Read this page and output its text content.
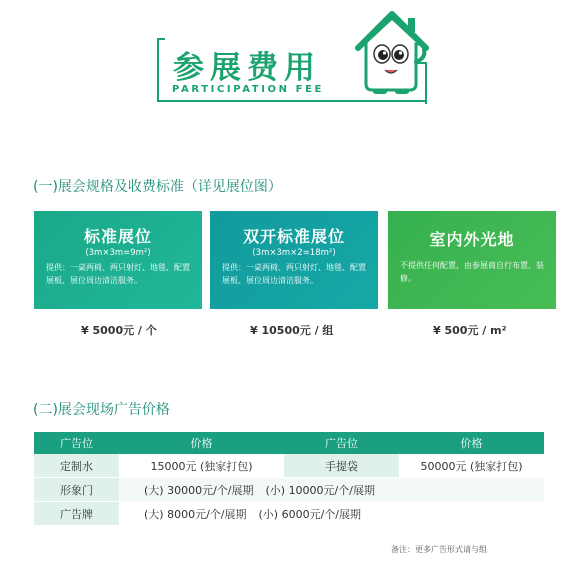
参展费用
PARTICIPATION FEE
(一)展会规格及收费标准（详见展位图）
标准展位
(3m×3m=9m²)
提供：一桌两椅、两只射灯、地毯、配置展板、展位周边清洁服务。
双开标准展位
(3m×3m×2=18m²)
提供：一桌两椅、两只射灯、地毯、配置展板、展位周边清洁服务。
室内外光地
不提供任何配置，由参展商自行布置、装修。
¥ 5000元 / 个	¥ 10500元 / 组	¥ 500元 / m²
(二)展会现场广告价格
广告位	价格	广告位	价格
定制水	15000元 (独家打包)	手提袋	50000元 (独家打包)
形象门	(大) 30000元/个/展期 (小) 10000元/个/展期
广告牌	(大) 8000元/个/展期 (小) 6000元/个/展期
备注：更多广告形式请与组
